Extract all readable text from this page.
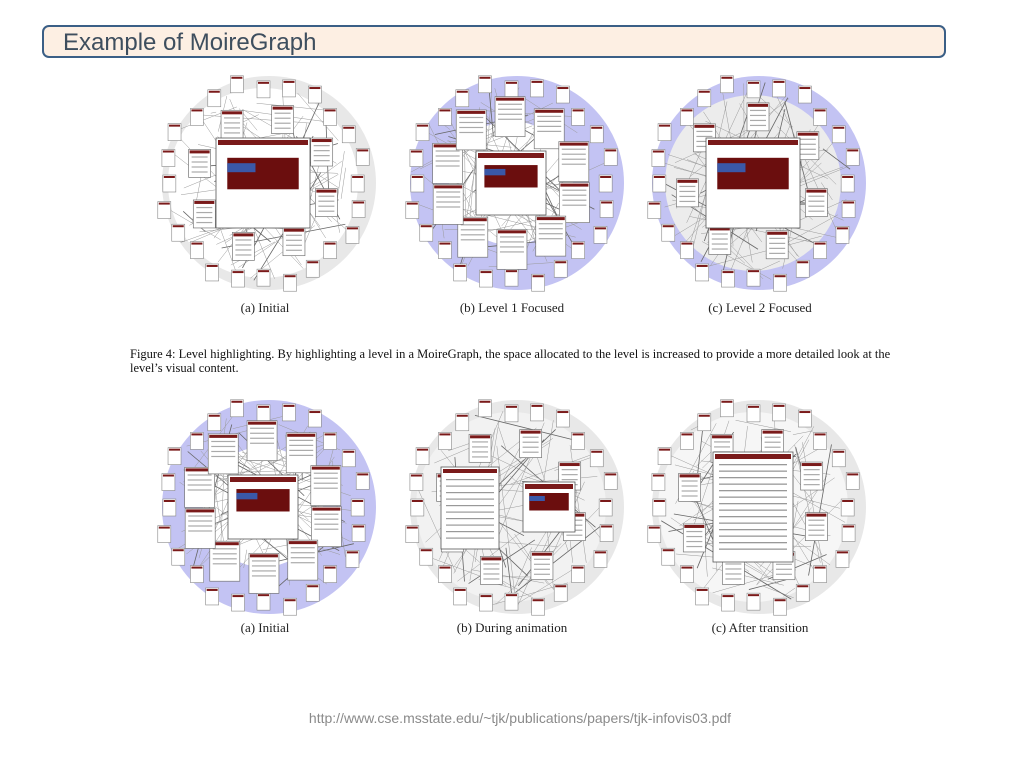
Example of MoireGraph
(a) Initial	(b) Level 1 Focused	(c) Level 2 Focused
Figure 4: Level highlighting. By highlighting a level in a MoireGraph, the space allocated to the level is increased to provide a more detailed look at the level’s visual content.
(a) Initial	(b) During animation	(c) After transition
http://www.cse.msstate.edu/~tjk/publications/papers/tjk-infovis03.pdf
